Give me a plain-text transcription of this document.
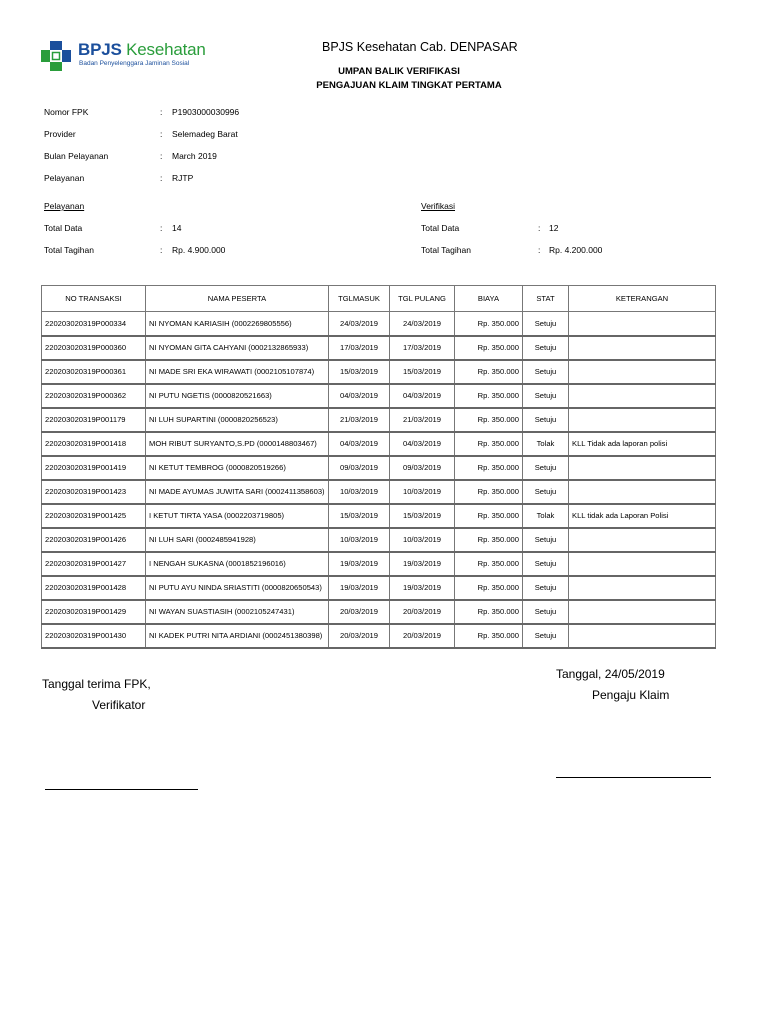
BPJS Kesehatan
Badan Penyelenggara Jaminan Sosial
BPJS Kesehatan Cab. DENPASAR
UMPAN BALIK VERIFIKASI
PENGAJUAN KLAIM TINGKAT PERTAMA
Nomor FPK	: P1903000030996
Provider	: Selemadeg Barat
Bulan Pelayanan	: March 2019
Pelayanan	: RJTP
Pelayanan
Total Data	: 14
Total Tagihan	: Rp. 4.900.000
Verifikasi
Total Data	: 12
Total Tagihan	: Rp. 4.200.000
NO TRANSAKSI	NAMA PESERTA	TGLMASUK	TGL PULANG	BIAYA	STAT	KETERANGAN
220203020319P000334	NI NYOMAN KARIASIH (0002269805556)	24/03/2019	24/03/2019	Rp. 350.000	Setuju	
220203020319P000360	NI NYOMAN GITA CAHYANI (0002132865933)	17/03/2019	17/03/2019	Rp. 350.000	Setuju	
220203020319P000361	NI MADE SRI EKA WIRAWATI (0002105107874)	15/03/2019	15/03/2019	Rp. 350.000	Setuju	
220203020319P000362	NI PUTU NGETIS (0000820521663)	04/03/2019	04/03/2019	Rp. 350.000	Setuju	
220203020319P001179	NI LUH SUPARTINI (0000820256523)	21/03/2019	21/03/2019	Rp. 350.000	Setuju	
220203020319P001418	MOH RIBUT SURYANTO,S.PD (0000148803467)	04/03/2019	04/03/2019	Rp. 350.000	Tolak	KLL Tidak ada laporan polisi
220203020319P001419	NI KETUT TEMBROG (0000820519266)	09/03/2019	09/03/2019	Rp. 350.000	Setuju	
220203020319P001423	NI MADE AYUMAS JUWITA SARI (0002411358603)	10/03/2019	10/03/2019	Rp. 350.000	Setuju	
220203020319P001425	I KETUT TIRTA YASA (0002203719805)	15/03/2019	15/03/2019	Rp. 350.000	Tolak	KLL tidak ada Laporan Polisi
220203020319P001426	NI LUH SARI (0002485941928)	10/03/2019	10/03/2019	Rp. 350.000	Setuju	
220203020319P001427	I NENGAH SUKASNA (0001852196016)	19/03/2019	19/03/2019	Rp. 350.000	Setuju	
220203020319P001428	NI PUTU AYU NINDA SRIASTITI (0000820650543)	19/03/2019	19/03/2019	Rp. 350.000	Setuju	
220203020319P001429	NI WAYAN SUASTIASIH (0002105247431)	20/03/2019	20/03/2019	Rp. 350.000	Setuju	
220203020319P001430	NI KADEK PUTRI NITA ARDIANI (0002451380398)	20/03/2019	20/03/2019	Rp. 350.000	Setuju	
Tanggal, 24/05/2019
Pengaju Klaim
Tanggal terima FPK,
Verifikator
